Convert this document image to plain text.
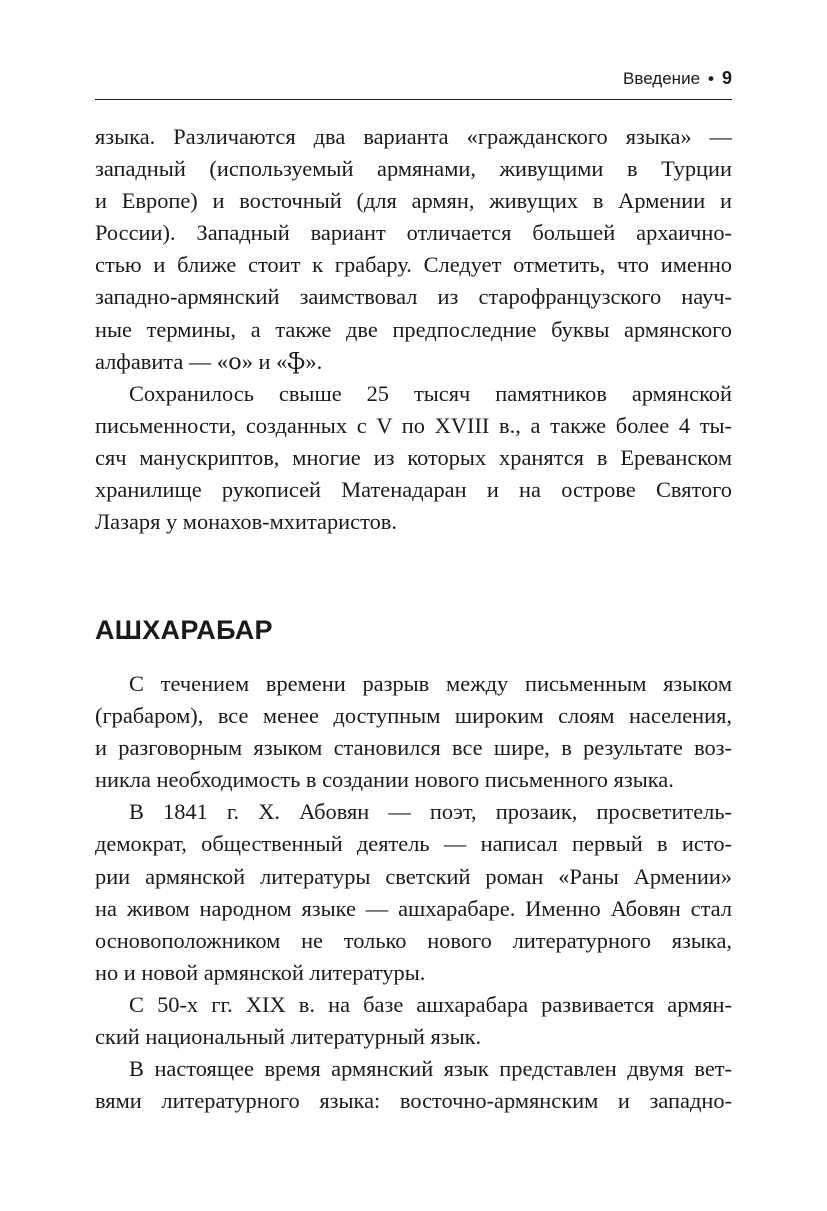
Введение • 9

языка. Различаются два варианта «гражданского языка» —

западный (используемый армянами, живущими в Турции

и Европе) и восточный (для армян, живущих в Армении и

России). Западный вариант отличается большей архаично-

стью и ближе стоит к грабару. Следует отметить, что именно

западно-армянский заимствовал из старофранцузского науч-

ные термины, а также две предпоследние буквы армянского

алфавита — «օ» и «ֆ».

Сохранилось свыше 25 тысяч памятников армянской

письменности, созданных с V по XVIII в., а также более 4 ты-

сяч манускриптов, многие из которых хранятся в Ереванском

хранилище рукописей Матенадаран и на острове Святого

Лазаря у монахов-мхитаристов.

АШХАРАБАР

С течением времени разрыв между письменным языком

(грабаром), все менее доступным широким слоям населения,

и разговорным языком становился все шире, в результате воз-

никла необходимость в создании нового письменного языка.

В 1841 г. Х. Абовян — поэт, прозаик, просветитель-

демократ, общественный деятель — написал первый в исто-

рии армянской литературы светский роман «Раны Армении»

на живом народном языке — ашхарабаре. Именно Абовян стал

основоположником не только нового литературного языка,

но и новой армянской литературы.

С 50-х гг. XIX в. на базе ашхарабара развивается армян-

ский национальный литературный язык.

В настоящее время армянский язык представлен двумя вет-

вями литературного языка: восточно-армянским и западно-
